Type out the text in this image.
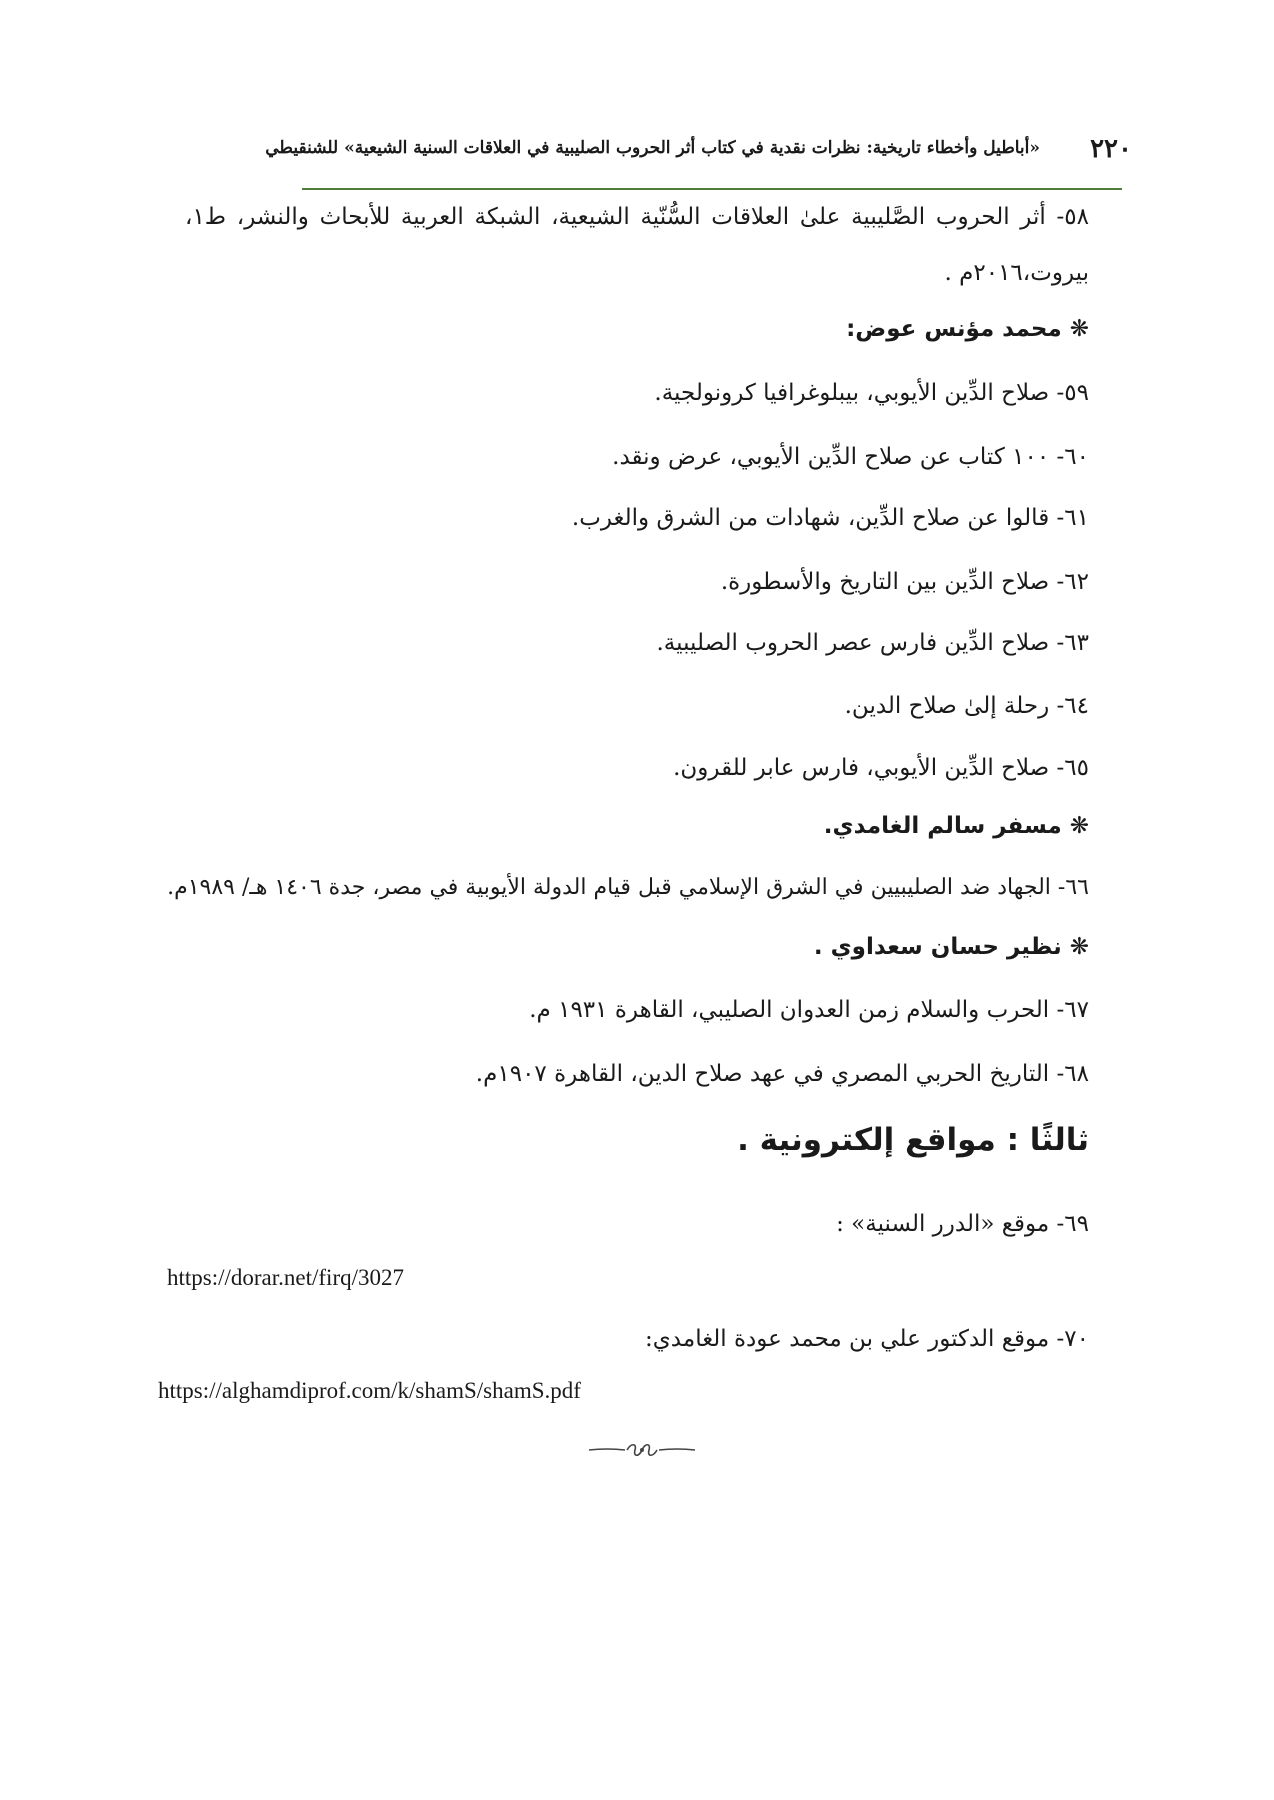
٢٢٠
«أباطيل وأخطاء تاريخية: نظرات نقدية في كتاب أثر الحروب الصليبية في العلاقات السنية الشيعية» للشنقيطي
٥٨- أثر الحروب الصَّليبية علىٰ العلاقات السُّنّية الشيعية، الشبكة العربية للأبحاث والنشر، ط١،
بيروت،٢٠١٦م .
❋ محمد مؤنس عوض:
٥٩- صلاح الدِّين الأيوبي، بيبلوغرافيا كرونولجية.
٦٠- ١٠٠ كتاب عن صلاح الدِّين الأيوبي، عرض ونقد.
٦١- قالوا عن صلاح الدِّين، شهادات من الشرق والغرب.
٦٢- صلاح الدِّين بين التاريخ والأسطورة.
٦٣- صلاح الدِّين فارس عصر الحروب الصليبية.
٦٤- رحلة إلىٰ صلاح الدين.
٦٥- صلاح الدِّين الأيوبي، فارس عابر للقرون.
❋ مسفر سالم الغامدي.
٦٦- الجهاد ضد الصليبيين في الشرق الإسلامي قبل قيام الدولة الأيوبية في مصر، جدة ١٤٠٦ هـ/ ١٩٨٩م.
❋ نظير حسان سعداوي .
٦٧- الحرب والسلام زمن العدوان الصليبي، القاهرة ١٩٣١ م.
٦٨- التاريخ الحربي المصري في عهد صلاح الدين، القاهرة ١٩٠٧م.
ثالثًا : مواقع إلكترونية .
٦٩- موقع «الدرر السنية» :
https://dorar.net/firq/3027
٧٠- موقع الدكتور علي بن محمد عودة الغامدي:
https://alghamdiprof.com/k/shamS/shamS.pdf
